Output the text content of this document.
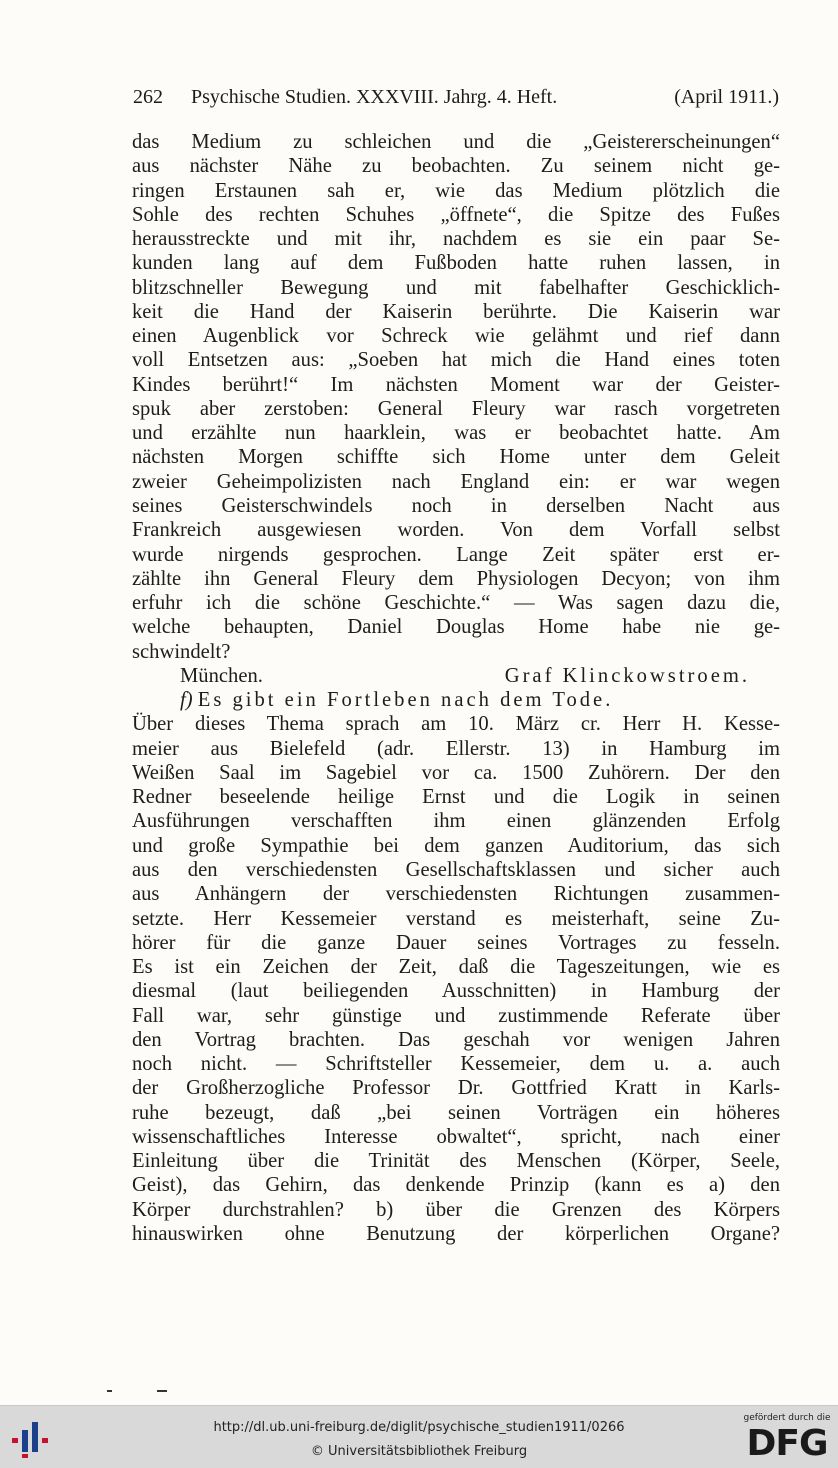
262 Psychische Studien. XXXVIII. Jahrg. 4. Heft.	(April 1911.)
das Medium zu schleichen und die „Geistererscheinungen“
aus nächster Nähe zu beobachten. Zu seinem nicht ge-
ringen Erstaunen sah er, wie das Medium plötzlich die
Sohle des rechten Schuhes „öffnete“, die Spitze des Fußes
herausstreckte und mit ihr, nachdem es sie ein paar Se-
kunden lang auf dem Fußboden hatte ruhen lassen, in
blitzschneller Bewegung und mit fabelhafter Geschicklich-
keit die Hand der Kaiserin berührte. Die Kaiserin war
einen Augenblick vor Schreck wie gelähmt und rief dann
voll Entsetzen aus: „Soeben hat mich die Hand eines toten
Kindes berührt!“ Im nächsten Moment war der Geister-
spuk aber zerstoben: General Fleury war rasch vorgetreten
und erzählte nun haarklein, was er beobachtet hatte. Am
nächsten Morgen schiffte sich Home unter dem Geleit
zweier Geheimpolizisten nach England ein: er war wegen
seines Geisterschwindels noch in derselben Nacht aus
Frankreich ausgewiesen worden. Von dem Vorfall selbst
wurde nirgends gesprochen. Lange Zeit später erst er-
zählte ihn General Fleury dem Physiologen Decyon; von ihm
erfuhr ich die schöne Geschichte.“ — Was sagen dazu die,
welche behaupten, Daniel Douglas Home habe nie ge-
schwindelt?
München.	Graf Klinckowstroem.
f) Es gibt ein Fortleben nach dem Tode.
Über dieses Thema sprach am 10. März cr. Herr H. Kesse-
meier aus Bielefeld (adr. Ellerstr. 13) in Hamburg im
Weißen Saal im Sagebiel vor ca. 1500 Zuhörern. Der den
Redner beseelende heilige Ernst und die Logik in seinen
Ausführungen verschafften ihm einen glänzenden Erfolg
und große Sympathie bei dem ganzen Auditorium, das sich
aus den verschiedensten Gesellschaftsklassen und sicher auch
aus Anhängern der verschiedensten Richtungen zusammen-
setzte. Herr Kessemeier verstand es meisterhaft, seine Zu-
hörer für die ganze Dauer seines Vortrages zu fesseln.
Es ist ein Zeichen der Zeit, daß die Tageszeitungen, wie es
diesmal (laut beiliegenden Ausschnitten) in Hamburg der
Fall war, sehr günstige und zustimmende Referate über
den Vortrag brachten. Das geschah vor wenigen Jahren
noch nicht. — Schriftsteller Kessemeier, dem u. a. auch
der Großherzogliche Professor Dr. Gottfried Kratt in Karls-
ruhe bezeugt, daß „bei seinen Vorträgen ein höheres
wissenschaftliches Interesse obwaltet“, spricht, nach einer
Einleitung über die Trinität des Menschen (Körper, Seele,
Geist), das Gehirn, das denkende Prinzip (kann es a) den
Körper durchstrahlen? b) über die Grenzen des Körpers
hinauswirken ohne Benutzung der körperlichen Organe?
http://dl.ub.uni-freiburg.de/diglit/psychische_studien1911/0266
© Universitätsbibliothek Freiburg
gefördert durch die
DFG
